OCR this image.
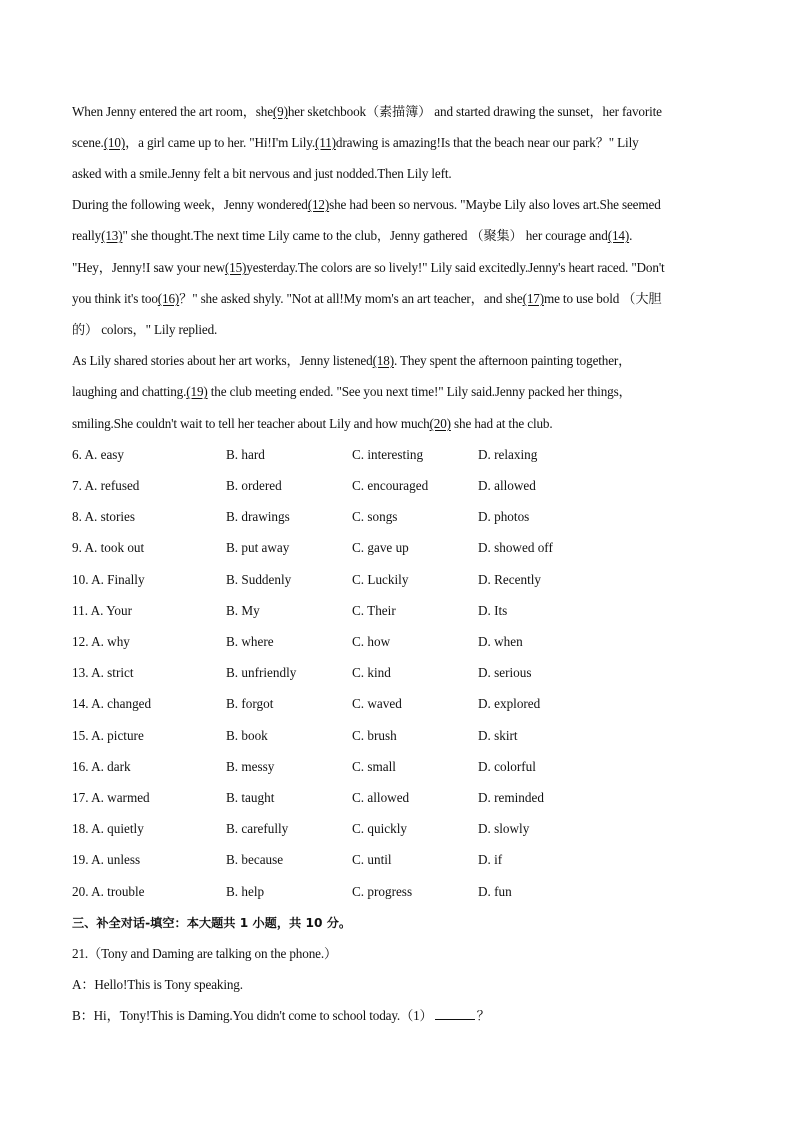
When Jenny entered the art room，she(9)her sketchbook（素描簿） and started drawing the sunset，her favorite
scene.(10)，a girl came up to her. "Hi!I'm Lily.(11)drawing is amazing!Is that the beach near our park？" Lily
asked with a smile.Jenny felt a bit nervous and just nodded.Then Lily left.
During the following week，Jenny wondered(12)she had been so nervous. "Maybe Lily also loves art.She seemed
really(13)" she thought.The next time Lily came to the club，Jenny gathered （聚集） her courage and(14).
"Hey，Jenny!I saw your new(15)yesterday.The colors are so lively!" Lily said excitedly.Jenny's heart raced. "Don't
you think it's too(16)？" she asked shyly. "Not at all!My mom's an art teacher，and she(17)me to use bold （大胆
的） colors，" Lily replied.
As Lily shared stories about her art works，Jenny listened(18). They spent the afternoon painting together，
laughing and chatting.(19) the club meeting ended. "See you next time!" Lily said.Jenny packed her things，
smiling.She couldn't wait to tell her teacher about Lily and how much(20) she had at the club.
6. A. easy	B. hard	C. interesting	D. relaxing
7. A. refused	B. ordered	C. encouraged	D. allowed
8. A. stories	B. drawings	C. songs	D. photos
9. A. took out	B. put away	C. gave up	D. showed off
10. A. Finally	B. Suddenly	C. Luckily	D. Recently
11. A. Your	B. My	C. Their	D. Its
12. A. why	B. where	C. how	D. when
13. A. strict	B. unfriendly	C. kind	D. serious
14. A. changed	B. forgot	C. waved	D. explored
15. A. picture	B. book	C. brush	D. skirt
16. A. dark	B. messy	C. small	D. colorful
17. A. warmed	B. taught	C. allowed	D. reminded
18. A. quietly	B. carefully	C. quickly	D. slowly
19. A. unless	B. because	C. until	D. if
20. A. trouble	B. help	C. progress	D. fun
三、补全对话-填空：本大题共 1 小题，共 10 分。
21.（Tony and Daming are talking on the phone.）
A：Hello!This is Tony speaking.
B：Hi，Tony!This is Daming.You didn't come to school today.（1）	？
